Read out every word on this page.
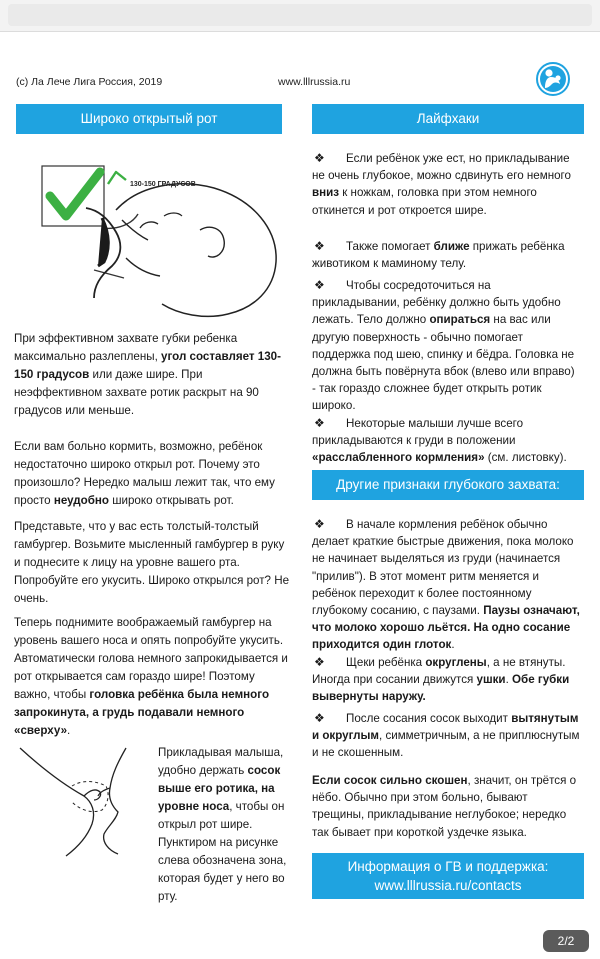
(c) Ла Лече Лига Россия, 2019	www.lllrussia.ru
Широко открытый рот
130-150 ГРАДУСОВ
При эффективном захвате губки ребенка максимально разлеплены, угол составляет 130-150 градусов или даже шире. При неэффективном захвате ротик раскрыт на 90 градусов или меньше.
Если вам больно кормить, возможно, ребёнок недостаточно широко открыл рот. Почему это произошло? Нередко малыш лежит так, что ему просто неудобно широко открывать рот.
Представьте, что у вас есть толстый-толстый гамбургер. Возьмите мысленный гамбургер в руку и поднесите к лицу на уровне вашего рта. Попробуйте его укусить. Широко открылся рот? Не очень.
Теперь поднимите воображаемый гамбургер на уровень вашего носа и опять попробуйте укусить. Автоматически голова немного запрокидывается и рот открывается сам гораздо шире! Поэтому важно, чтобы головка ребёнка была немного запрокинута, а грудь подавали немного «сверху».
Прикладывая малыша, удобно держать сосок выше его ротика, на уровне носа, чтобы он открыл рот шире. Пунктиром на рисунке слева обозначена зона, которая будет у него во рту.
Лайфхаки
❖ Если ребёнок уже ест, но прикладывание не очень глубокое, можно сдвинуть его немного вниз к ножкам, головка при этом немного откинется и рот откроется шире.
❖ Также помогает ближе прижать ребёнка животиком к маминому телу.
❖ Чтобы сосредоточиться на прикладывании, ребёнку должно быть удобно лежать. Тело должно опираться на вас или другую поверхность - обычно помогает поддержка под шею, спинку и бёдра. Головка не должна быть повёрнута вбок (влево или вправо) - так гораздо сложнее будет открыть ротик широко.
❖ Некоторые малыши лучше всего прикладываются к груди в положении «расслабленного кормления» (см. листовку).
Другие признаки глубокого захвата:
❖ В начале кормления ребёнок обычно делает краткие быстрые движения, пока молоко не начинает выделяться из груди (начинается "прилив"). В этот момент ритм меняется и ребёнок переходит к более постоянному глубокому сосанию, с паузами. Паузы означают, что молоко хорошо льётся. На одно сосание приходится один глоток.
❖ Щеки ребёнка округлены, а не втянуты. Иногда при сосании движутся ушки. Обе губки вывернуты наружу.
❖ После сосания сосок выходит вытянутым и округлым, симметричным, а не приплюснутым и не скошенным.
Если сосок сильно скошен, значит, он трётся о нёбо. Обычно при этом больно, бывают трещины, прикладывание неглубокое; нередко так бывает при короткой уздечке языка.
Информация о ГВ и поддержка:
www.lllrussia.ru/contacts
2/2
